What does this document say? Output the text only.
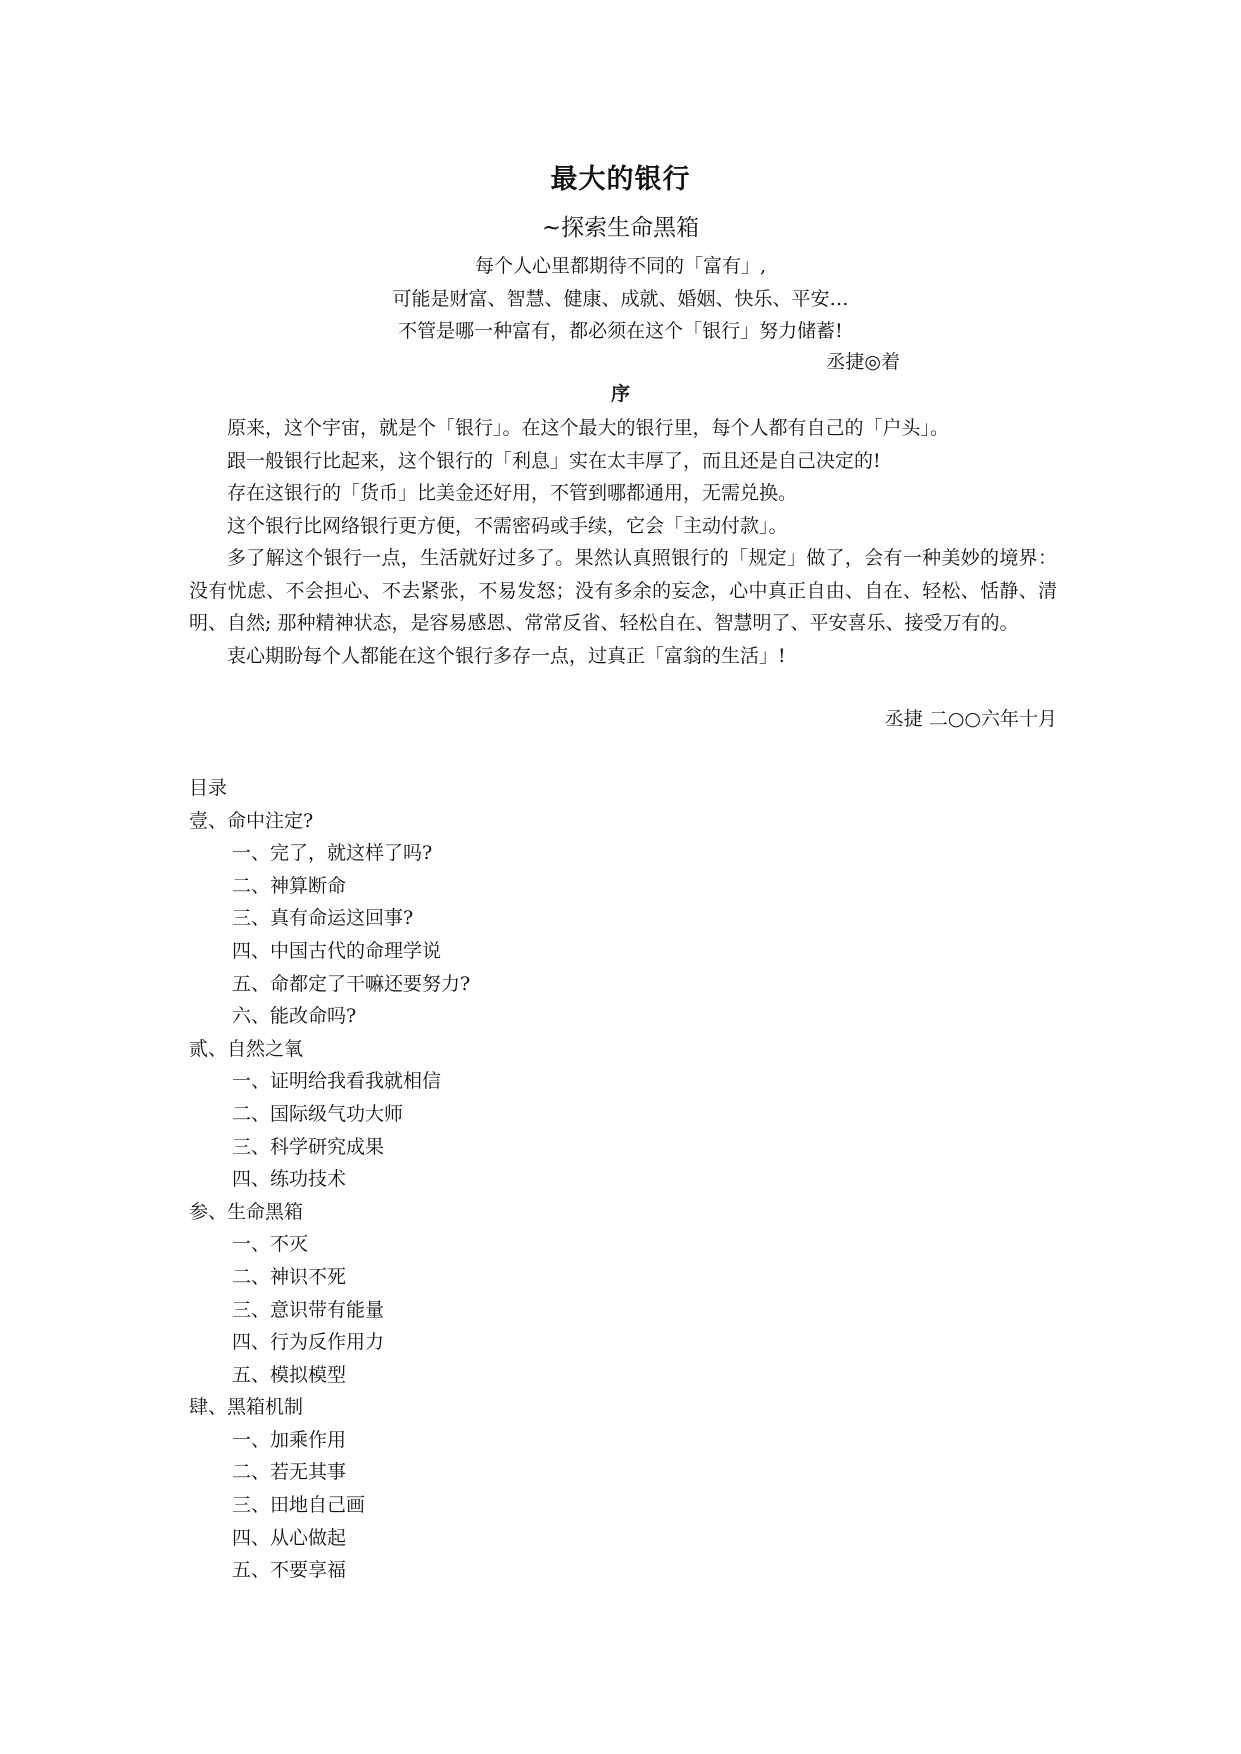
最大的银行
~探索生命黑箱
每个人心里都期待不同的「富有」,
可能是财富、智慧、健康、成就、婚姻、快乐、平安…
不管是哪一种富有，都必须在这个「银行」努力储蓄!
丞捷◎着
序

原来，这个宇宙，就是个「银行」。在这个最大的银行里，每个人都有自己的「户头」。

跟一般银行比起来，这个银行的「利息」实在太丰厚了，而且还是自己决定的!

存在这银行的「货币」比美金还好用，不管到哪都通用，无需兑换。

这个银行比网络银行更方便，不需密码或手续，它会「主动付款」。

多了解这个银行一点，生活就好过多了。果然认真照银行的「规定」做了，会有一种美妙的境界：没有忧虑、不会担心、不去紧张，不易发怒；没有多余的妄念，心中真正自由、自在、轻松、恬静、清明、自然; 那种精神状态，是容易感恩、常常反省、轻松自在、智慧明了、平安喜乐、接受万有的。

衷心期盼每个人都能在这个银行多存一点，过真正「富翁的生活」!

丞捷 二○○六年十月
目录
壹、命中注定?
一、完了，就这样了吗?
二、神算断命
三、真有命运这回事?
四、中国古代的命理学说
五、命都定了干嘛还要努力?
六、能改命吗?
贰、自然之氧
一、证明给我看我就相信
二、国际级气功大师
三、科学研究成果
四、练功技术
参、生命黑箱
一、不灭
二、神识不死
三、意识带有能量
四、行为反作用力
五、模拟模型
肆、黑箱机制
一、加乘作用
二、若无其事
三、田地自己画
四、从心做起
五、不要享福
